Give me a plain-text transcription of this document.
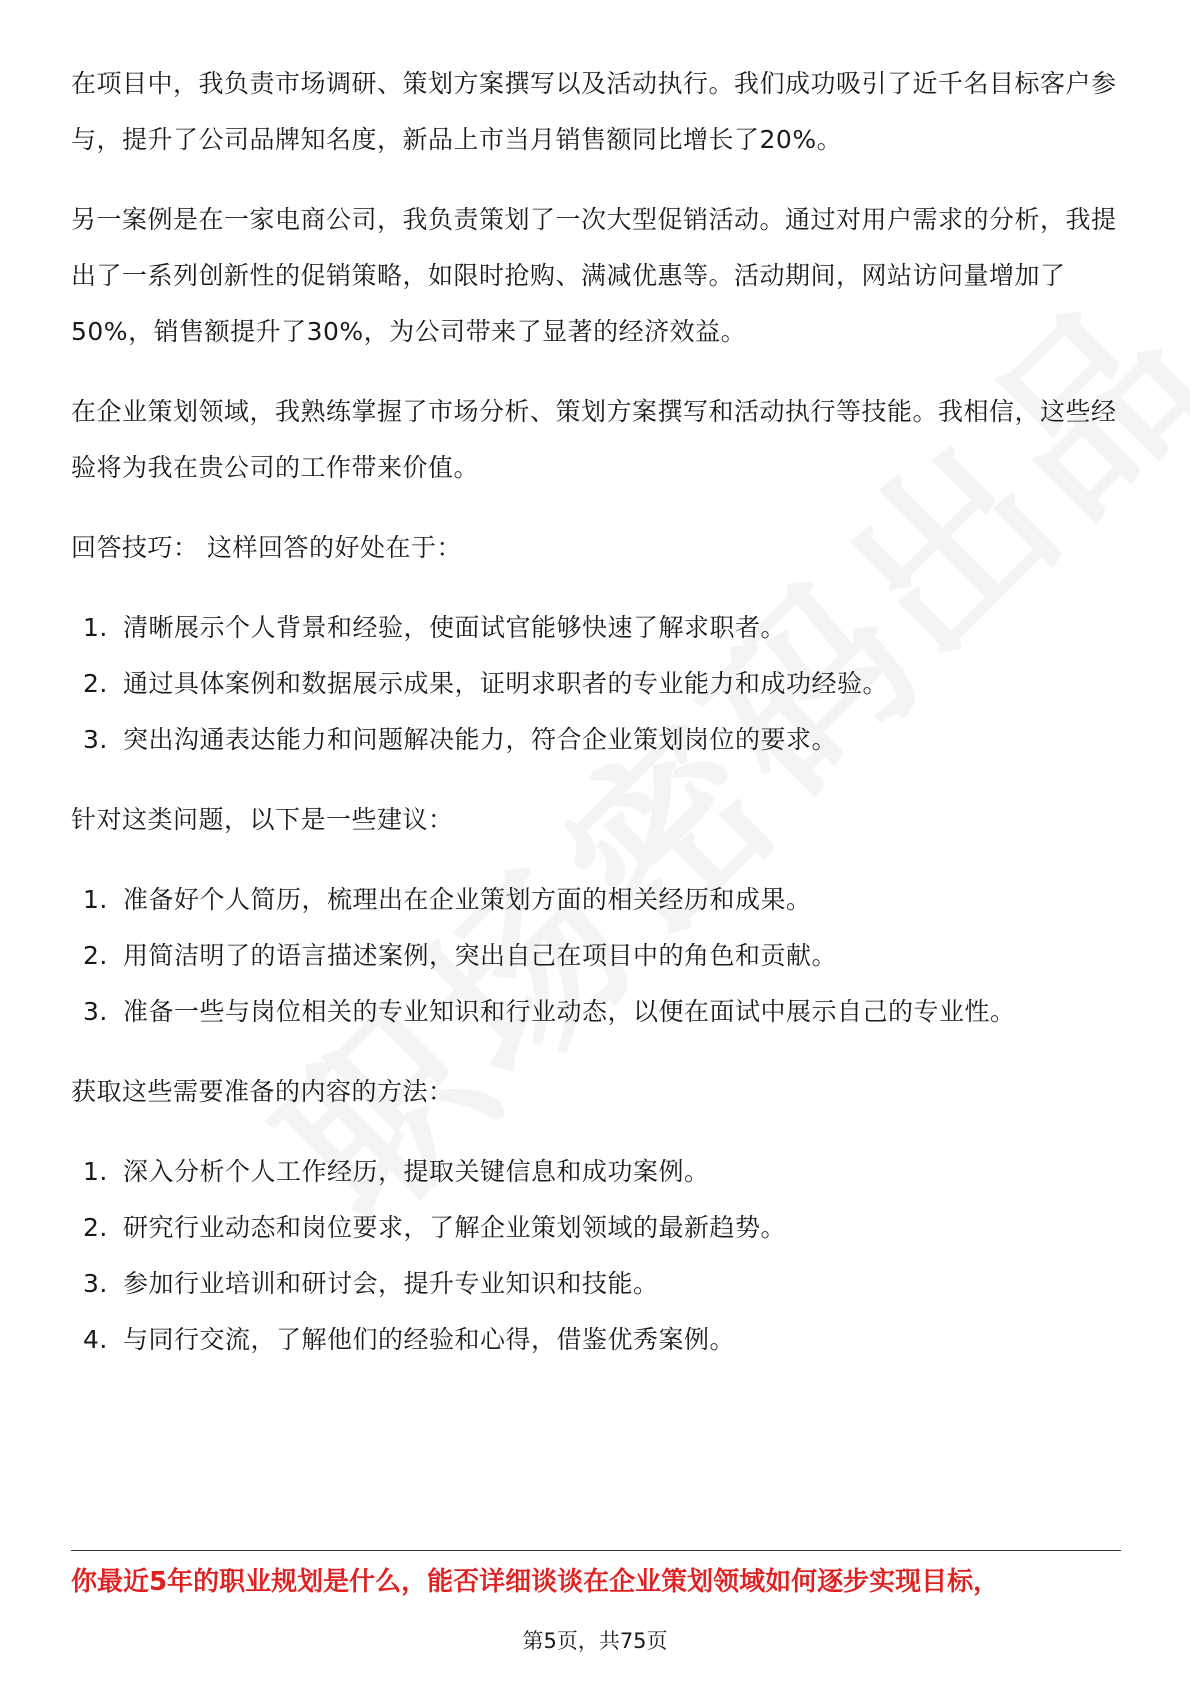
在项目中，我负责市场调研、策划方案撰写以及活动执行。我们成功吸引了近千名目标客户参与，提升了公司品牌知名度，新品上市当月销售额同比增长了20%。

另一案例是在一家电商公司，我负责策划了一次大型促销活动。通过对用户需求的分析，我提出了一系列创新性的促销策略，如限时抢购、满减优惠等。活动期间，网站访问量增加了50%，销售额提升了30%，为公司带来了显著的经济效益。

在企业策划领域，我熟练掌握了市场分析、策划方案撰写和活动执行等技能。我相信，这些经验将为我在贵公司的工作带来价值。

回答技巧： 这样回答的好处在于：

1. 清晰展示个人背景和经验，使面试官能够快速了解求职者。
2. 通过具体案例和数据展示成果，证明求职者的专业能力和成功经验。
3. 突出沟通表达能力和问题解决能力，符合企业策划岗位的要求。

针对这类问题，以下是一些建议：

1. 准备好个人简历，梳理出在企业策划方面的相关经历和成果。
2. 用简洁明了的语言描述案例，突出自己在项目中的角色和贡献。
3. 准备一些与岗位相关的专业知识和行业动态，以便在面试中展示自己的专业性。

获取这些需要准备的内容的方法：

1. 深入分析个人工作经历，提取关键信息和成功案例。
2. 研究行业动态和岗位要求，了解企业策划领域的最新趋势。
3. 参加行业培训和研讨会，提升专业知识和技能。
4. 与同行交流，了解他们的经验和心得，借鉴优秀案例。
你最近5年的职业规划是什么，能否详细谈谈在企业策划领域如何逐步实现目标，
第5页，共75页
